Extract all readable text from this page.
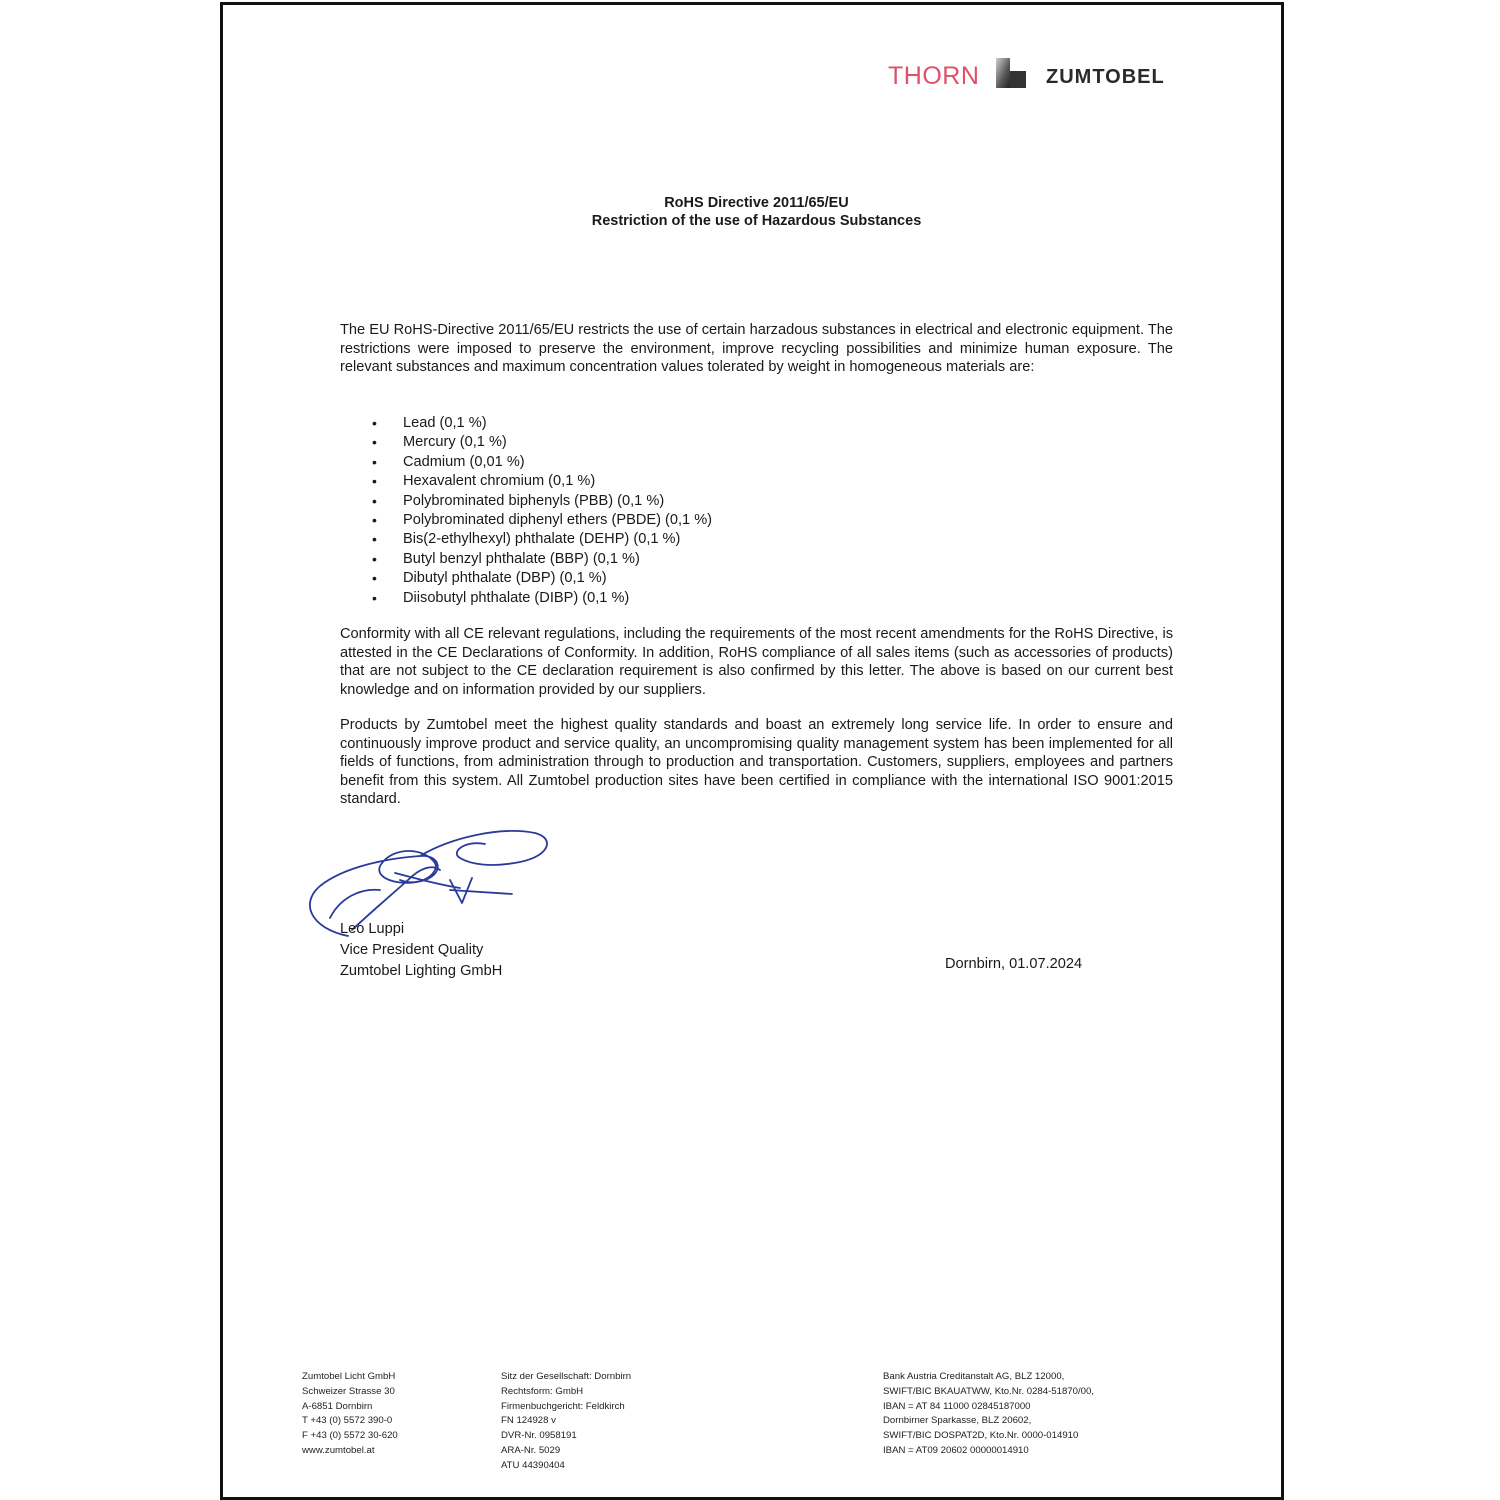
THORN	ZUMTOBEL
RoHS Directive 2011/65/EU
Restriction of the use of Hazardous Substances

The EU RoHS-Directive 2011/65/EU restricts the use of certain harzadous substances in electrical and electronic equipment. The restrictions were imposed to preserve the environment, improve recycling possibilities and minimize human exposure. The relevant substances and maximum concentration values tolerated by weight in homogeneous materials are:

• Lead (0,1 %)
• Mercury (0,1 %)
• Cadmium (0,01 %)
• Hexavalent chromium (0,1 %)
• Polybrominated biphenyls (PBB) (0,1 %)
• Polybrominated diphenyl ethers (PBDE) (0,1 %)
• Bis(2-ethylhexyl) phthalate (DEHP) (0,1 %)
• Butyl benzyl phthalate (BBP) (0,1 %)
• Dibutyl phthalate (DBP) (0,1 %)
• Diisobutyl phthalate (DIBP) (0,1 %)

Conformity with all CE relevant regulations, including the requirements of the most recent amendments for the RoHS Directive, is attested in the CE Declarations of Conformity. In addition, RoHS compliance of all sales items (such as accessories of products) that are not subject to the CE declaration requirement is also confirmed by this letter. The above is based on our current best knowledge and on information provided by our suppliers.

Products by Zumtobel meet the highest quality standards and boast an extremely long service life. In order to ensure and continuously improve product and service quality, an uncompromising quality management system has been implemented for all fields of functions, from administration through to production and transportation. Customers, suppliers, employees and partners benefit from this system. All Zumtobel production sites have been certified in compliance with the international ISO 9001:2015 standard.

Leo Luppi
Vice President Quality
Zumtobel Lighting GmbH	Dornbirn, 01.07.2024
Zumtobel Licht GmbH
Schweizer Strasse 30
A-6851 Dornbirn
T +43 (0) 5572 390-0
F +43 (0) 5572 30-620
www.zumtobel.at
Sitz der Gesellschaft: Dornbirn
Rechtsform: GmbH
Firmenbuchgericht: Feldkirch
FN 124928 v
DVR-Nr. 0958191
ARA-Nr. 5029
ATU 44390404
Bank Austria Creditanstalt AG, BLZ 12000,
SWIFT/BIC BKAUATWW, Kto.Nr. 0284-51870/00,
IBAN = AT 84 11000 02845187000
Dornbirner Sparkasse, BLZ 20602,
SWIFT/BIC DOSPAT2D, Kto.Nr. 0000-014910
IBAN = AT09 20602 00000014910
